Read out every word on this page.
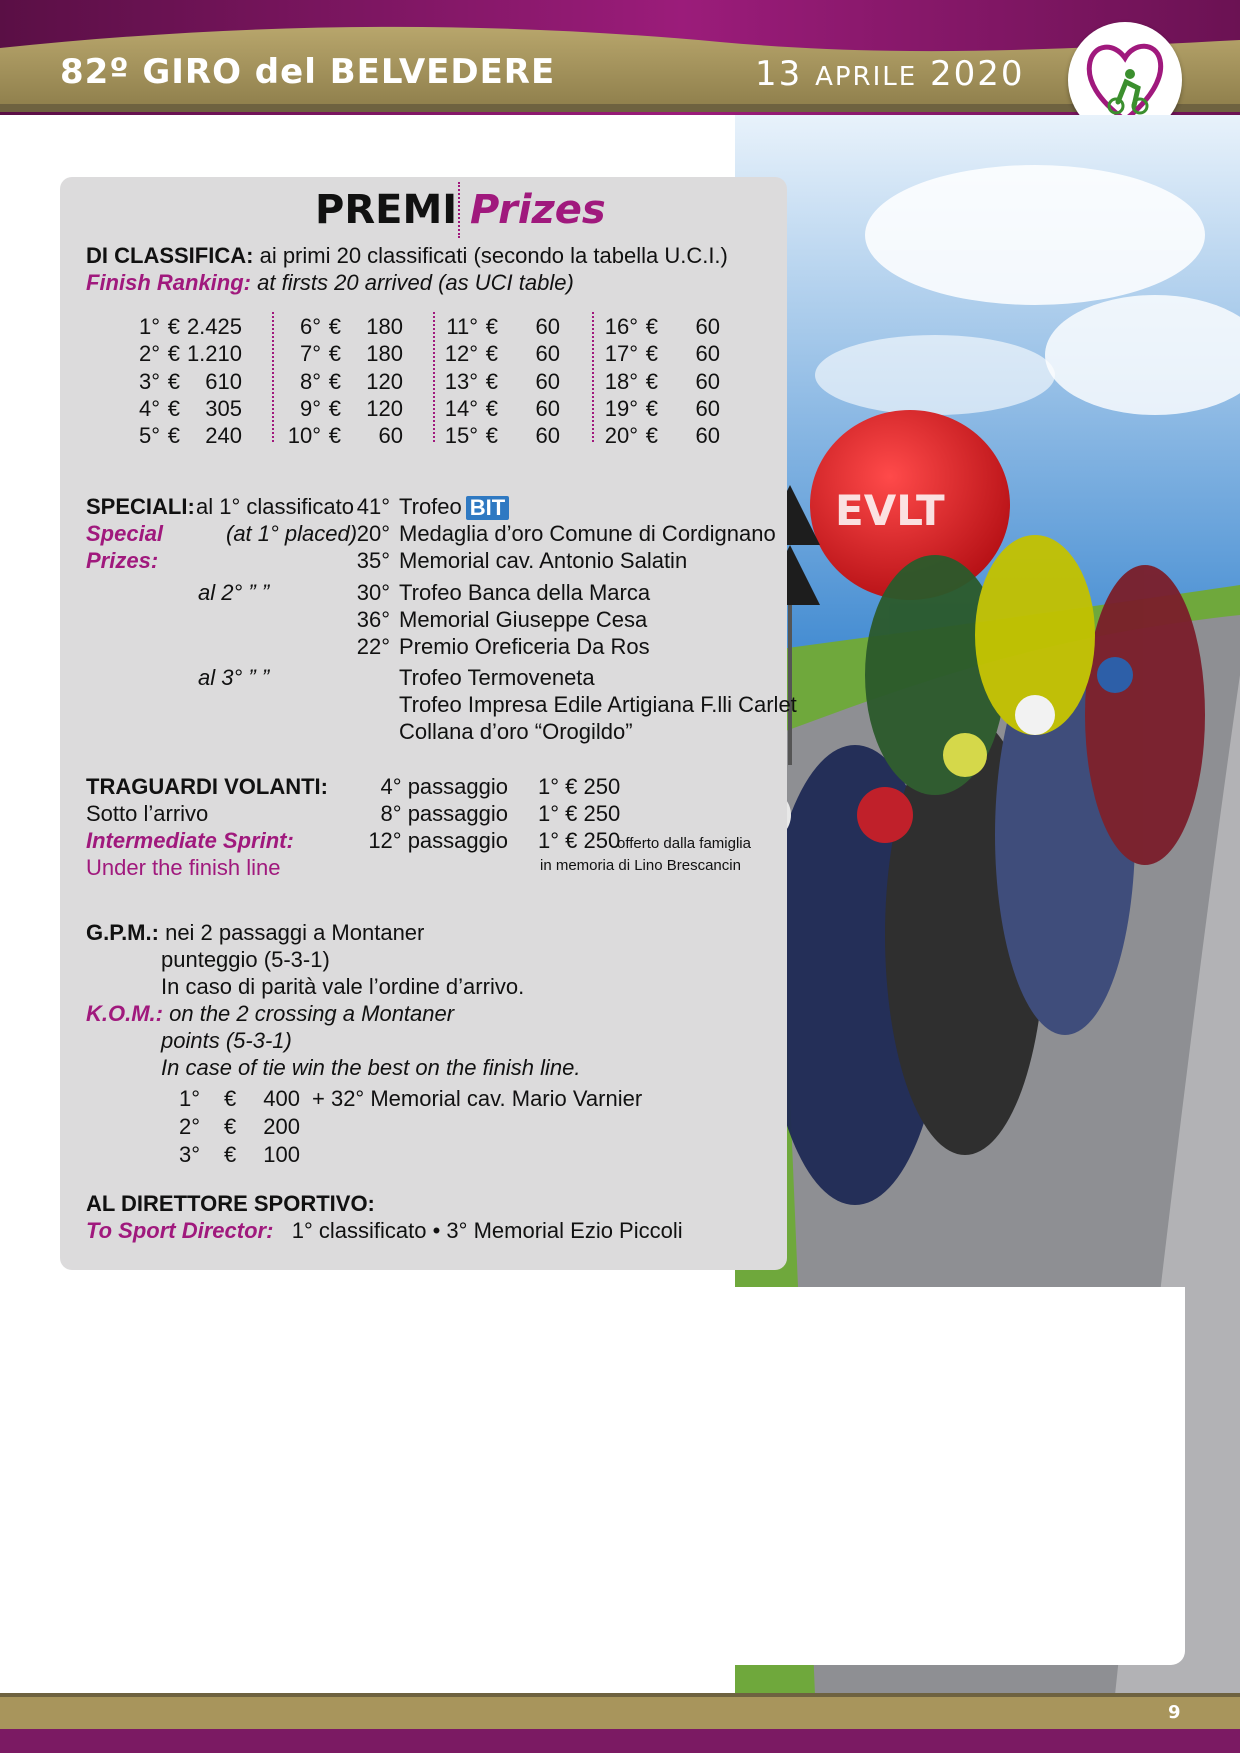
82º GIRO del BELVEDERE	13 APRILE 2020
EVLT
9
PREMI Prizes
DI CLASSIFICA: ai primi 20 classificati (secondo la tabella U.C.I.)
Finish Ranking: at firsts 20 arrived (as UCI table)
1° € 2.425
2° € 1.210
3° € 610
4° € 305
5° € 240
6° € 180
7° € 180
8° € 120
9° € 120
10° € 60
11° € 60
12° € 60
13° € 60
14° € 60
15° € 60
16° € 60
17° € 60
18° € 60
19° € 60
20° € 60
SPECIALI: al 1° classificato
Special	(at 1° placed)
Prizes:
al 2° ” ”
al 3° ” ”
41° Trofeo BIT
20° Medaglia d’oro Comune di Cordignano
35° Memorial cav. Antonio Salatin
30° Trofeo Banca della Marca
36° Memorial Giuseppe Cesa
22° Premio Oreficeria Da Ros
Trofeo Termoveneta
Trofeo Impresa Edile Artigiana F.lli Carlet
Collana d’oro “Orogildo”
TRAGUARDI VOLANTI:
Sotto l’arrivo
Intermediate Sprint:
Under the finish line
4° passaggio 1° € 250
8° passaggio 1° € 250
12° passaggio 1° € 250
offerto dalla famiglia
in memoria di Lino Brescancin
G.P.M.: nei 2 passaggi a Montaner
punteggio (5-3-1)
In caso di parità vale l’ordine d’arrivo.
K.O.M.: on the 2 crossing a Montaner
points (5-3-1)
In case of tie win the best on the finish line.
1° € 400 + 32° Memorial cav. Mario Varnier
2° € 200
3° € 100
AL DIRETTORE SPORTIVO:
To Sport Director: 1° classificato • 3° Memorial Ezio Piccoli
